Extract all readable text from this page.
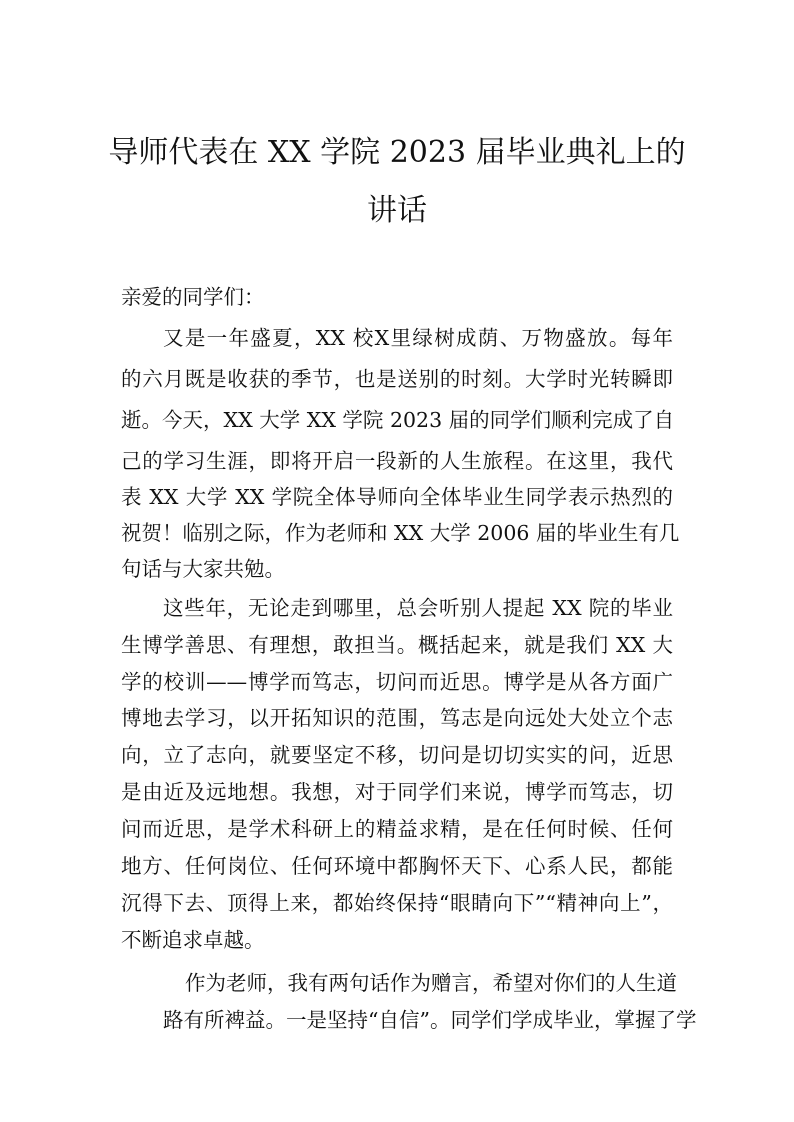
导师代表在 XX 学院 2023 届毕业典礼上的
讲话
亲爱的同学们：
又是一年盛夏，XX 校Χ里绿树成荫、万物盛放。每年
的六月既是收获的季节，也是送别的时刻。大学时光转瞬即
逝。今天，XX 大学 XX 学院 2023 届的同学们顺利完成了自
己的学习生涯，即将开启一段新的人生旅程。在这里，我代
表 XX 大学 XX 学院全体导师向全体毕业生同学表示热烈的
祝贺！临别之际，作为老师和 XX 大学 2006 届的毕业生有几
句话与大家共勉。
这些年，无论走到哪里，总会听别人提起 XX 院的毕业
生博学善思、有理想，敢担当。概括起来，就是我们 XX 大
学的校训——博学而笃志，切问而近思。博学是从各方面广
博地去学习，以开拓知识的范围，笃志是向远处大处立个志
向，立了志向，就要坚定不移，切问是切切实实的问，近思
是由近及远地想。我想，对于同学们来说，博学而笃志，切
问而近思，是学术科研上的精益求精，是在任何时候、任何
地方、任何岗位、任何环境中都胸怀天下、心系人民，都能
沉得下去、顶得上来，都始终保持“眼睛向下”“精神向上”，
不断追求卓越。
作为老师，我有两句话作为赠言，希望对你们的人生道
路有所裨益。一是坚持“自信”。同学们学成毕业，掌握了学
